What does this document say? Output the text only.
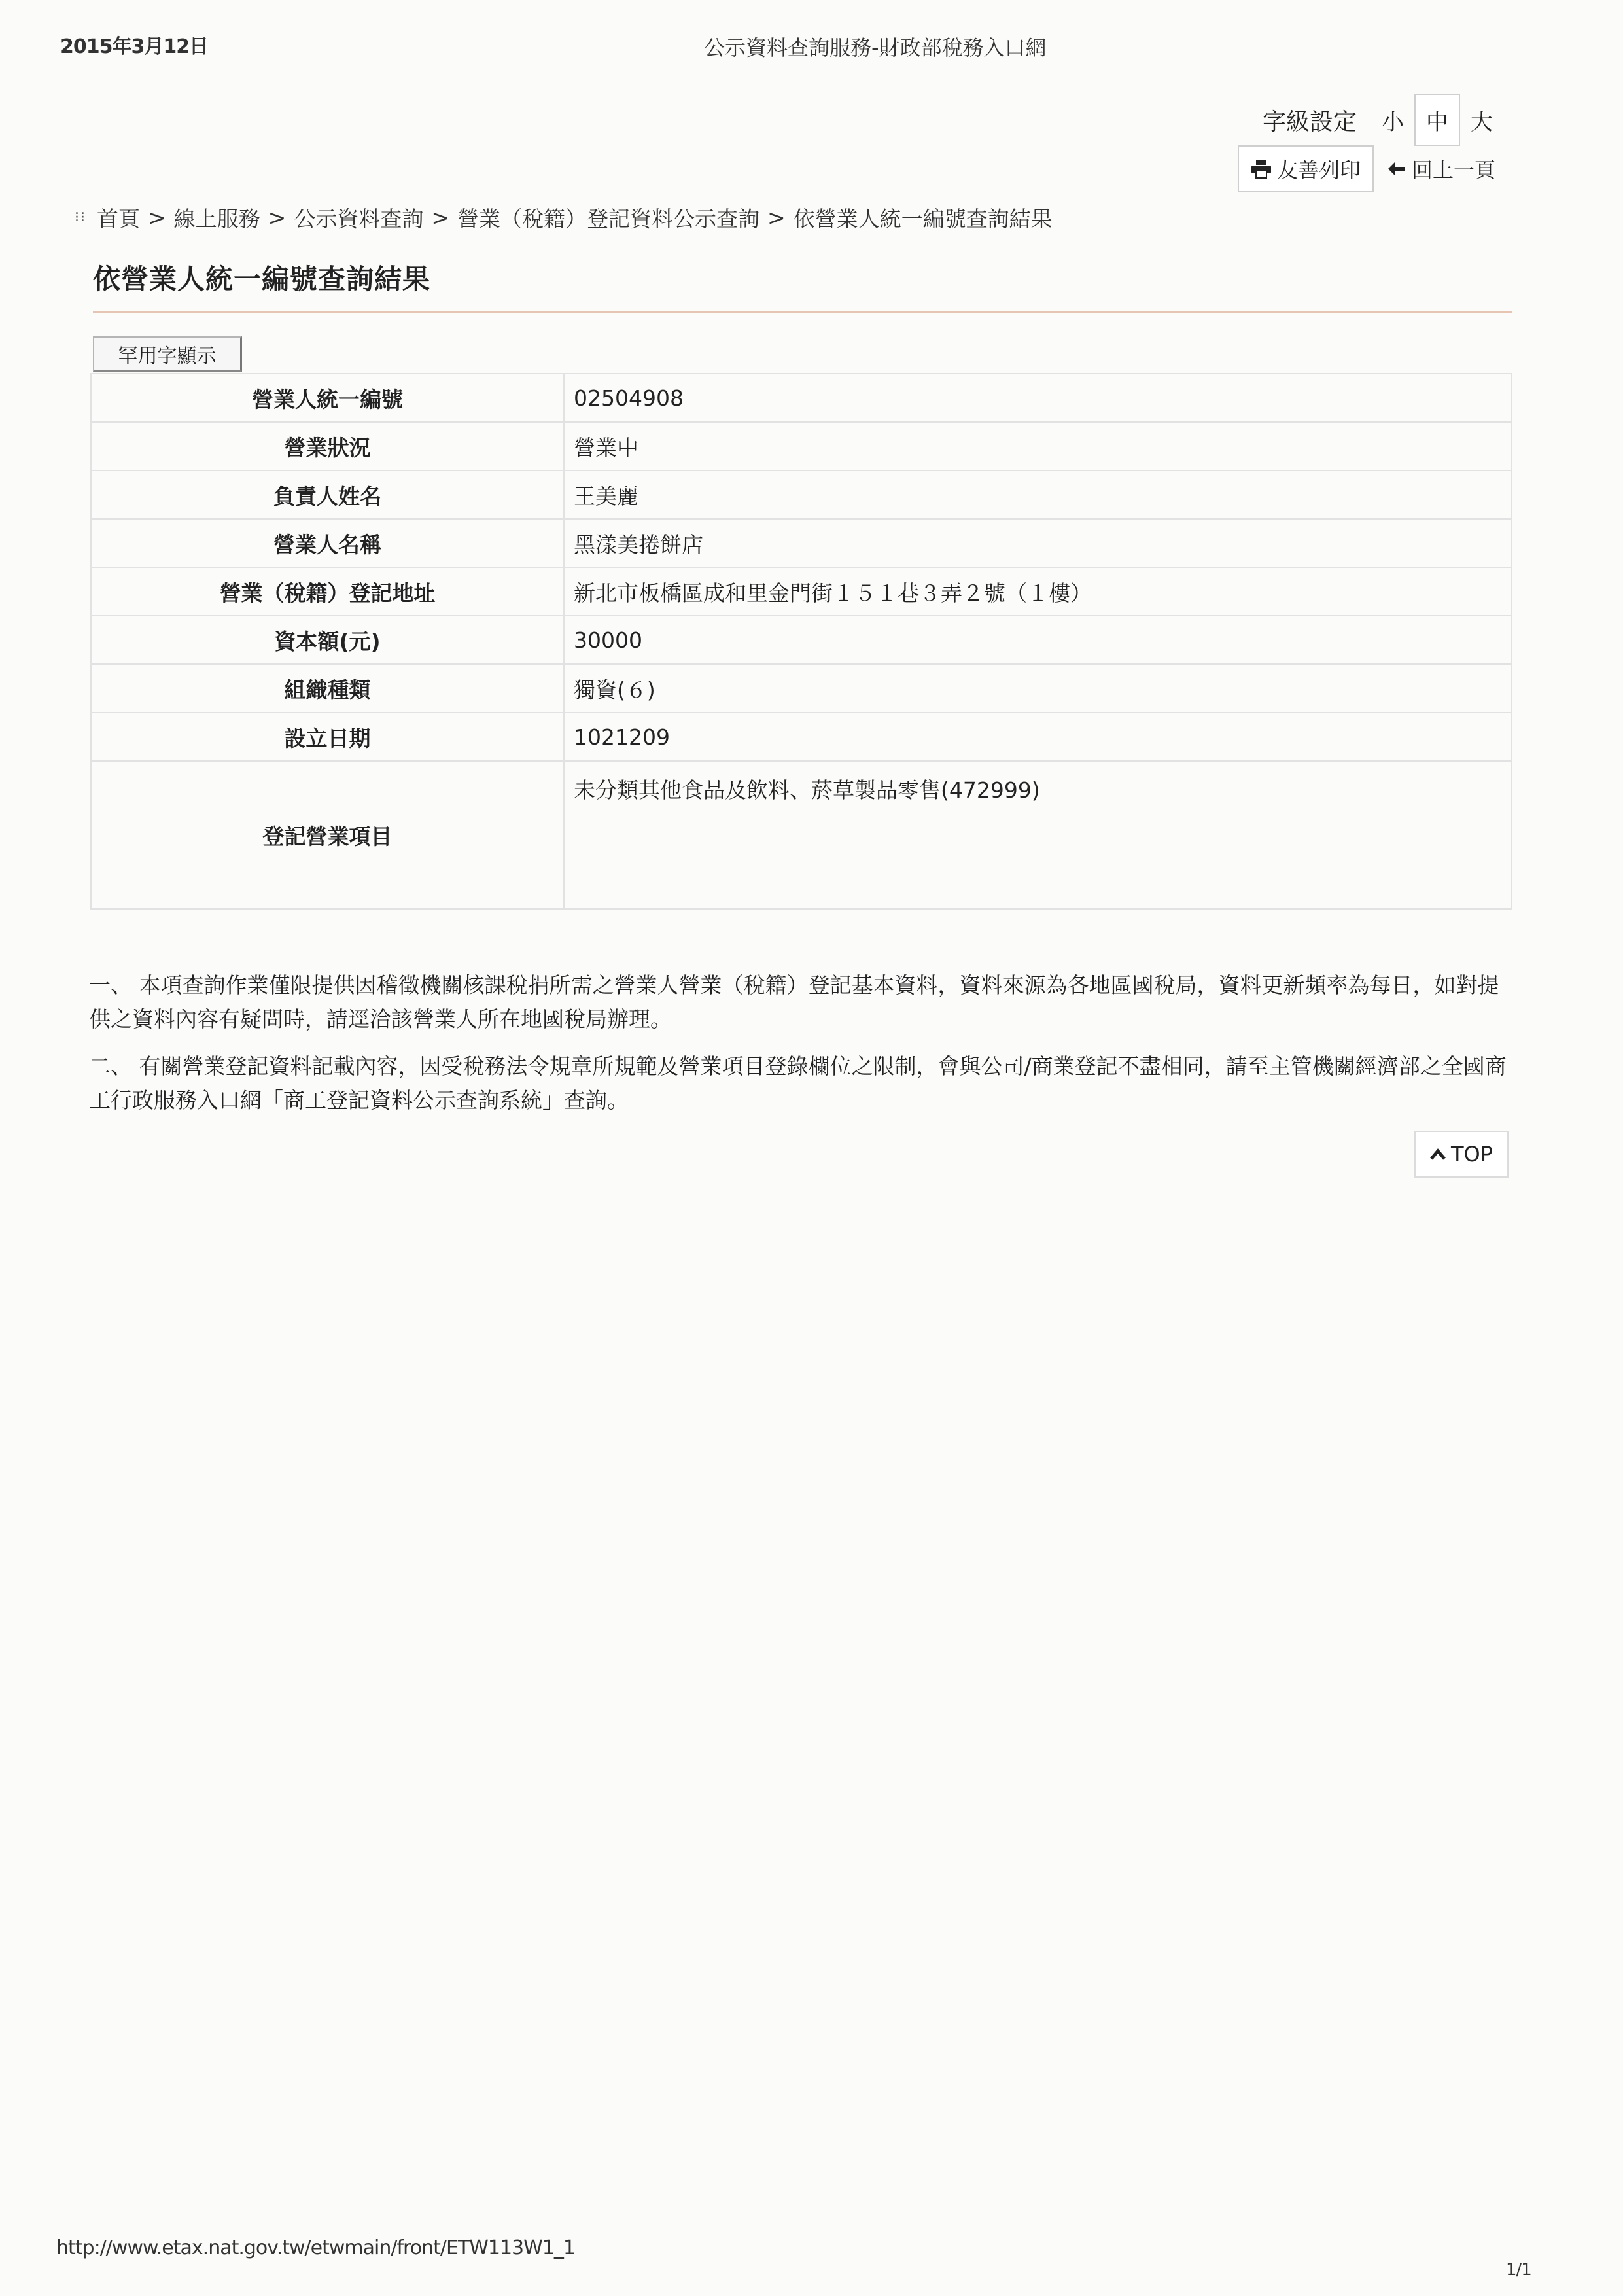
2015年3月12日	公示資料查詢服務-財政部稅務入口網
字級設定	小	中	大
友善列印 回上一頁
⁝⁝ 首頁 > 線上服務 > 公示資料查詢 > 營業（稅籍）登記資料公示查詢 > 依營業人統一編號查詢結果
依營業人統一編號查詢結果
罕用字顯示
營業人統一編號	02504908
營業狀況	營業中
負責人姓名	王美麗
營業人名稱	黑漾美捲餅店
營業（稅籍）登記地址	新北市板橋區成和里金門街１５１巷３弄２號（１樓）
資本額(元)	30000
組織種類	獨資(６)
設立日期	1021209
登記營業項目	未分類其他食品及飲料、菸草製品零售(472999)
一、 本項查詢作業僅限提供因稽徵機關核課稅捐所需之營業人營業（稅籍）登記基本資料，資料來源為各地區國稅局，資料更新頻率為每日，如對提供之資料內容有疑問時，請逕洽該營業人所在地國稅局辦理。
二、 有關營業登記資料記載內容，因受稅務法令規章所規範及營業項目登錄欄位之限制，會與公司/商業登記不盡相同，請至主管機關經濟部之全國商工行政服務入口網「商工登記資料公示查詢系統」查詢。
TOP
http://www.etax.nat.gov.tw/etwmain/front/ETW113W1_1
1/1
